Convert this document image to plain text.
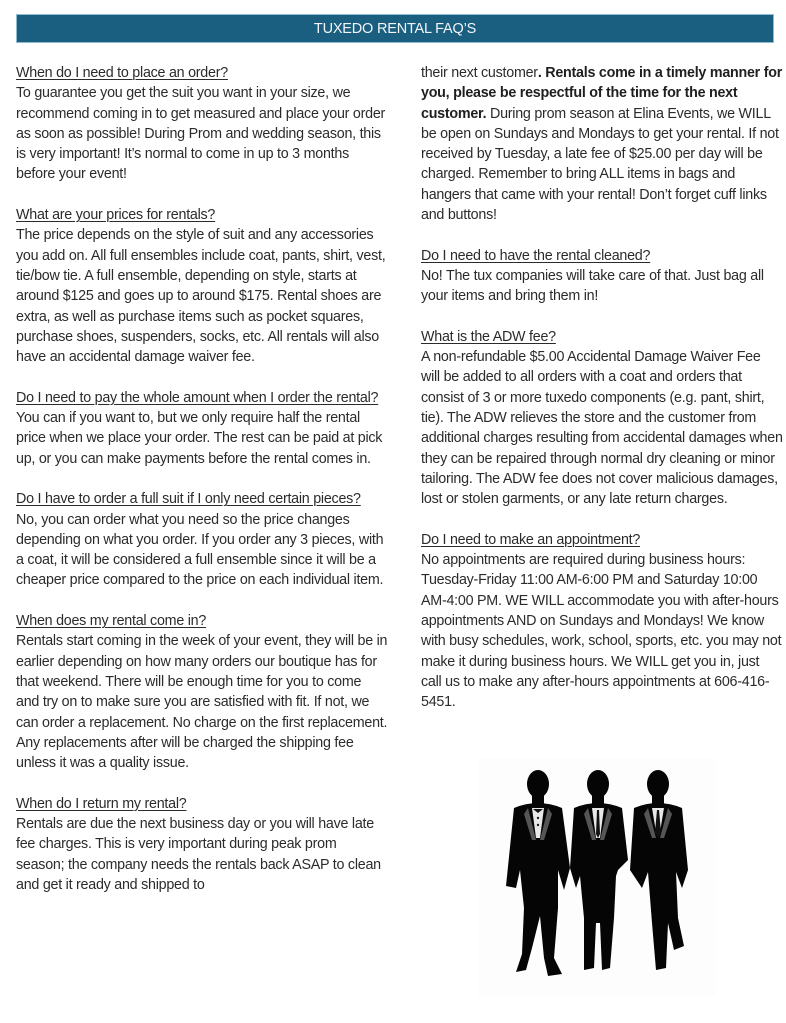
TUXEDO RENTAL FAQ’S
When do I need to place an order?
To guarantee you get the suit you want in your size, we recommend coming in to get measured and place your order as soon as possible! During Prom and wedding season, this is very important! It’s normal to come in up to 3 months before your event!
What are your prices for rentals?
The price depends on the style of suit and any accessories you add on. All full ensembles include coat, pants, shirt, vest, tie/bow tie. A full ensemble, depending on style, starts at around $125 and goes up to around $175. Rental shoes are extra, as well as purchase items such as pocket squares, purchase shoes, suspenders, socks, etc. All rentals will also have an accidental damage waiver fee.
Do I need to pay the whole amount when I order the rental?
You can if you want to, but we only require half the rental price when we place your order. The rest can be paid at pick up, or you can make payments before the rental comes in.
Do I have to order a full suit if I only need certain pieces?
No, you can order what you need so the price changes depending on what you order. If you order any 3 pieces, with a coat, it will be considered a full ensemble since it will be a cheaper price compared to the price on each individual item.
When does my rental come in?
Rentals start coming in the week of your event, they will be in earlier depending on how many orders our boutique has for that weekend. There will be enough time for you to come and try on to make sure you are satisfied with fit. If not, we can order a replacement. No charge on the first replacement. Any replacements after will be charged the shipping fee unless it was a quality issue.
When do I return my rental?
Rentals are due the next business day or you will have late fee charges. This is very important during peak prom season; the company needs the rentals back ASAP to clean and get it ready and shipped to
their next customer. Rentals come in a timely manner for you, please be respectful of the time for the next customer. During prom season at Elina Events, we WILL be open on Sundays and Mondays to get your rental. If not received by Tuesday, a late fee of $25.00 per day will be charged. Remember to bring ALL items in bags and hangers that came with your rental! Don’t forget cuff links and buttons!
Do I need to have the rental cleaned?
No! The tux companies will take care of that. Just bag all your items and bring them in!
What is the ADW fee?
A non-refundable $5.00 Accidental Damage Waiver Fee will be added to all orders with a coat and orders that consist of 3 or more tuxedo components (e.g. pant, shirt, tie). The ADW relieves the store and the customer from additional charges resulting from accidental damages when they can be repaired through normal dry cleaning or minor tailoring. The ADW fee does not cover malicious damages, lost or stolen garments, or any late return charges.
Do I need to make an appointment?
No appointments are required during business hours: Tuesday-Friday 11:00 AM-6:00 PM and Saturday 10:00 AM-4:00 PM. WE WILL accommodate you with after-hours appointments AND on Sundays and Mondays! We know with busy schedules, work, school, sports, etc. you may not make it during business hours. We WILL get you in, just call us to make any after-hours appointments at 606-416-5451.
